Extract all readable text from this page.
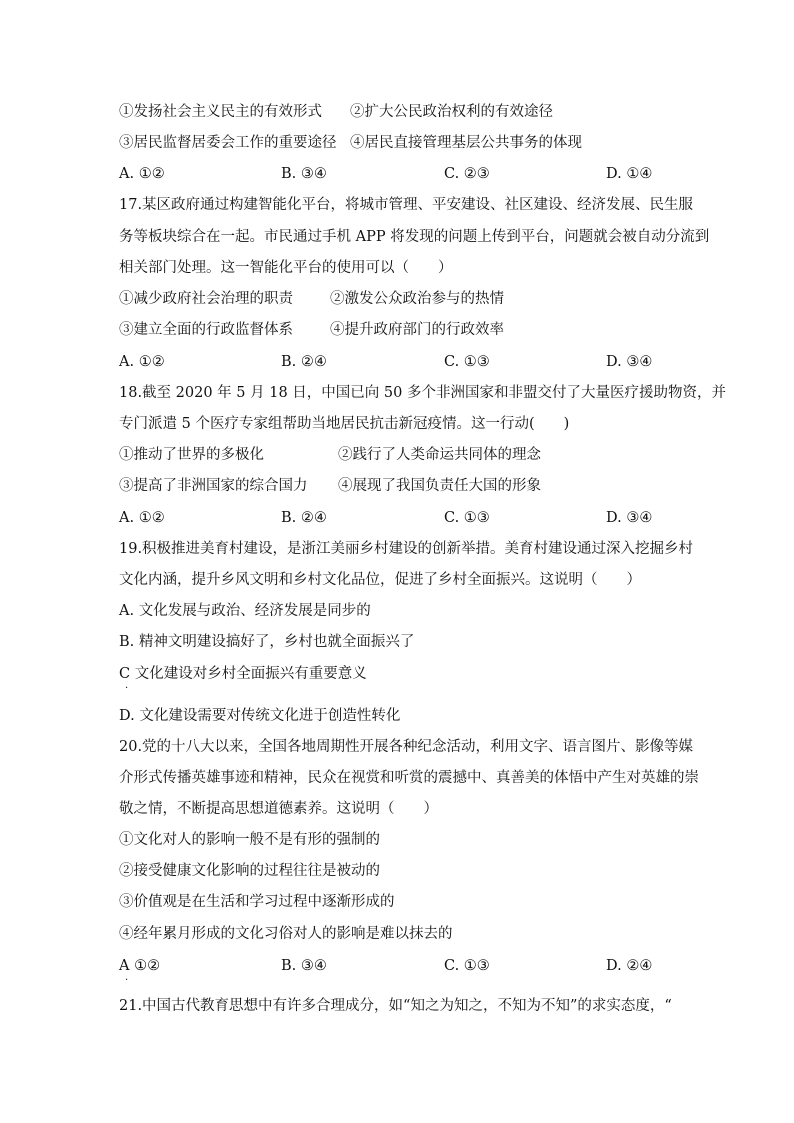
①发扬社会主义民主的有效形式 ②扩大公民政治权利的有效途径
③居民监督居委会工作的重要途径 ④居民直接管理基层公共事务的体现
A. ①②	B. ③④	C. ②③	D. ①④
17.某区政府通过构建智能化平台，将城市管理、平安建设、社区建设、经济发展、民生服
务等板块综合在一起。市民通过手机 APP 将发现的问题上传到平台，问题就会被自动分流到
相关部门处理。这一智能化平台的使用可以（　　）
①减少政府社会治理的职责	②激发公众政治参与的热情
③建立全面的行政监督体系	④提升政府部门的行政效率
A. ①②	B. ②④	C. ①③	D. ③④
18.截至 2020 年 5 月 18 日，中国已向 50 多个非洲国家和非盟交付了大量医疗援助物资，并
专门派遣 5 个医疗专家组帮助当地居民抗击新冠疫情。这一行动(　　)
①推动了世界的多极化	②践行了人类命运共同体的理念
③提高了非洲国家的综合国力 ④展现了我国负责任大国的形象
A. ①②	B. ②④	C. ①③	D. ③④
19.积极推进美育村建设，是浙江美丽乡村建设的创新举措。美育村建设通过深入挖掘乡村
文化内涵，提升乡风文明和乡村文化品位，促进了乡村全面振兴。这说明（　　）
A. 文化发展与政治、经济发展是同步的
B. 精神文明建设搞好了，乡村也就全面振兴了
C 文化建设对乡村全面振兴有重要意义
·
D. 文化建设需要对传统文化进于创造性转化
20.党的十八大以来，全国各地周期性开展各种纪念活动，利用文字、语言图片、影像等媒
介形式传播英雄事迹和精神，民众在视赏和听赏的震撼中、真善美的体悟中产生对英雄的崇
敬之情，不断提高思想道德素养。这说明（　　）
①文化对人的影响一般不是有形的强制的
②接受健康文化影响的过程往往是被动的
③价值观是在生活和学习过程中逐渐形成的
④经年累月形成的文化习俗对人的影响是难以抹去的
A ①②	B. ③④	C. ①③	D. ②④
·
21.中国古代教育思想中有许多合理成分，如“知之为知之，不知为不知”的求实态度，“
